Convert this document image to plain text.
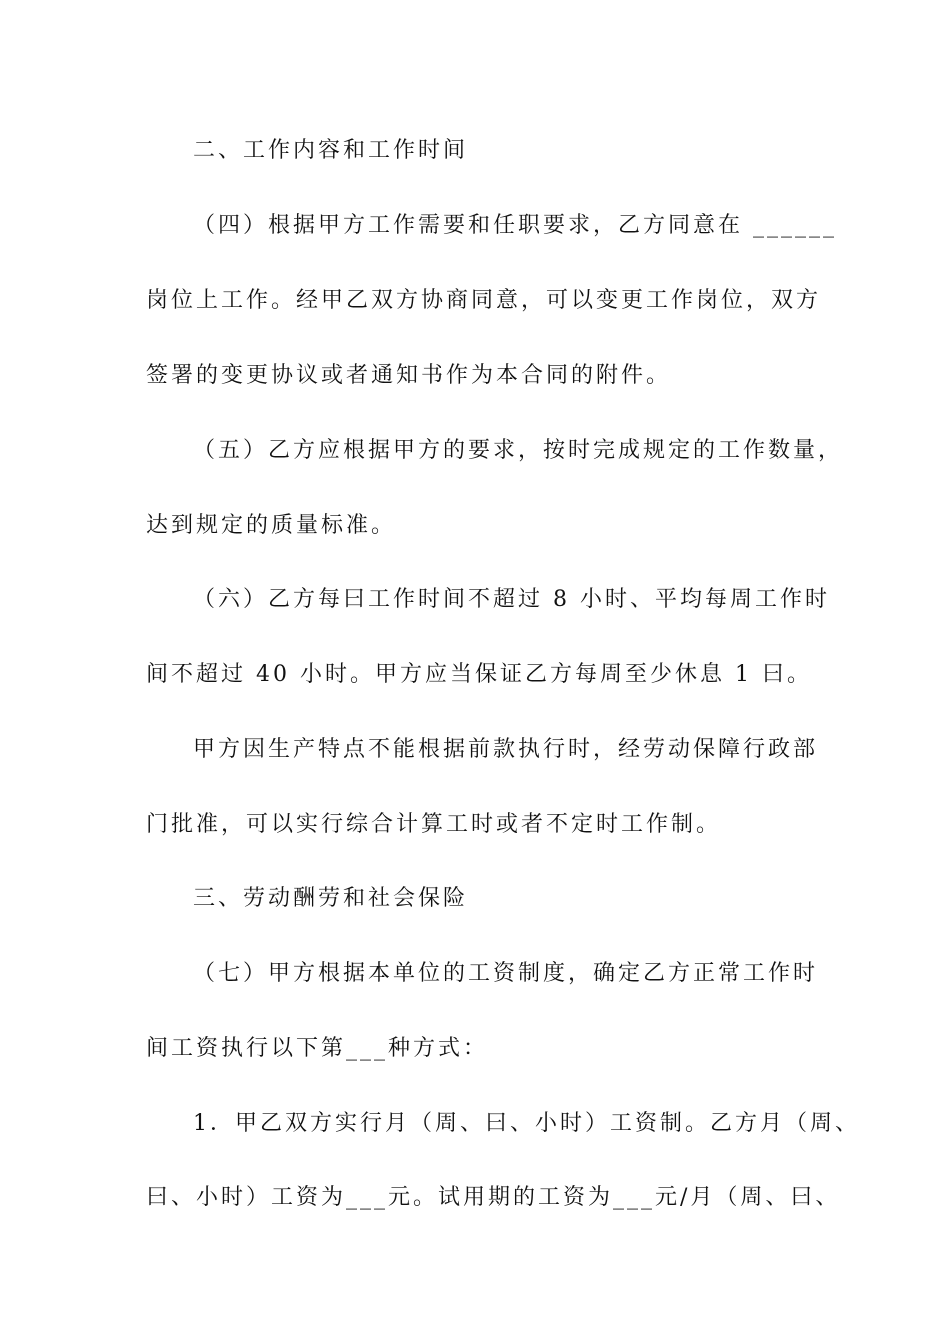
二、工作内容和工作时间
（四）根据甲方工作需要和任职要求，乙方同意在 ______
岗位上工作。经甲乙双方协商同意，可以变更工作岗位，双方
签署的变更协议或者通知书作为本合同的附件。
（五）乙方应根据甲方的要求，按时完成规定的工作数量，
达到规定的质量标准。
（六）乙方每曰工作时间不超过 8 小时、平均每周工作时
间不超过 40 小时。甲方应当保证乙方每周至少休息 1 曰。
甲方因生产特点不能根据前款执行时，经劳动保障行政部
门批准，可以实行综合计算工时或者不定时工作制。
三、劳动酬劳和社会保险
（七）甲方根据本单位的工资制度，确定乙方正常工作时
间工资执行以下第___种方式：
1．甲乙双方实行月（周、曰、小时）工资制。乙方月（周、
曰、小时）工资为___元。试用期的工资为___元/月（周、曰、
